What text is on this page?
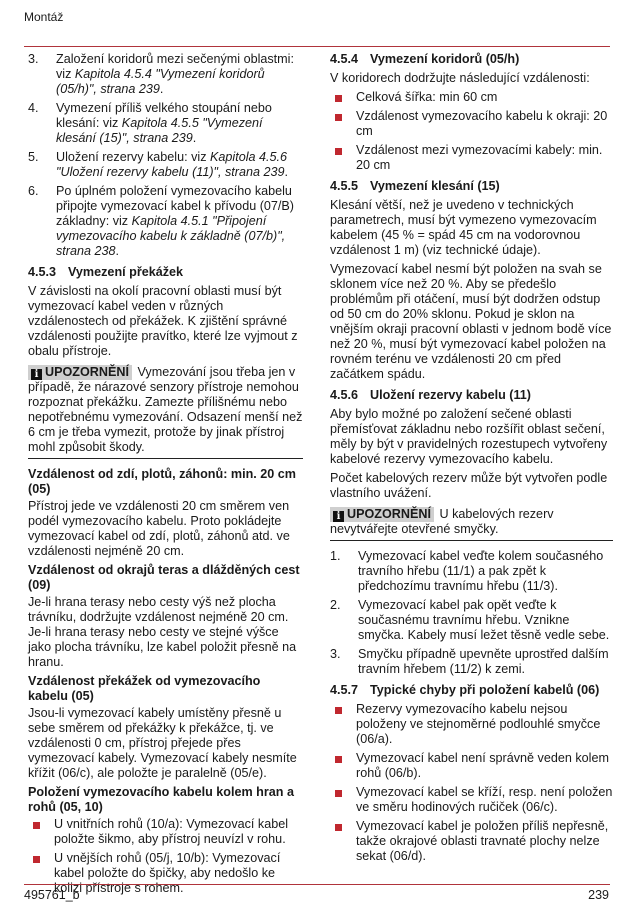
Montáž
3. Založení koridorů mezi sečenými oblastmi: viz Kapitola 4.5.4 "Vymezení koridorů (05/h)", strana 239.
4. Vymezení příliš velkého stoupání nebo klesání: viz Kapitola 4.5.5 "Vymezení klesání (15)", strana 239.
5. Uložení rezervy kabelu: viz Kapitola 4.5.6 "Uložení rezervy kabelu (11)", strana 239.
6. Po úplném položení vymezovacího kabelu připojte vymezovací kabel k přívodu (07/B) základny: viz Kapitola 4.5.1 "Připojení vymezovacího kabelu k základně (07/b)", strana 238.
4.5.3 Vymezení překážek

V závislosti na okolí pracovní oblasti musí být vymezovací kabel veden v různých vzdálenostech od překážek. K zjištění správné vzdálenosti použijte pravítko, které lze vyjmout z obalu přístroje.

i UPOZORNĚNÍ Vymezování jsou třeba jen v případě, že nárazové senzory přístroje nemohou rozpoznat překážku. Zamezte přílišnému nebo nepotřebnému vymezování. Odsazení menší než 6 cm je třeba vymezit, protože by jinak přístroj mohl způsobit škody.
Vzdálenost od zdí, plotů, záhonů: min. 20 cm (05)

Přístroj jede ve vzdálenosti 20 cm směrem ven podél vymezovacího kabelu. Proto pokládejte vymezovací kabel od zdí, plotů, záhonů atd. ve vzdálenosti nejméně 20 cm.

Vzdálenost od okrajů teras a dlážděných cest (09)

Je-li hrana terasy nebo cesty výš než plocha trávníku, dodržujte vzdálenost nejméně 20 cm. Je-li hrana terasy nebo cesty ve stejné výšce jako plocha trávníku, lze kabel položit přesně na hranu.

Vzdálenost překážek od vymezovacího kabelu (05)

Jsou-li vymezovací kabely umístěny přesně u sebe směrem od překážky k překážce, tj. ve vzdálenosti 0 cm, přístroj přejede přes vymezovací kabely. Vymezovací kabely nesmíte křížit (06/c), ale položte je paralelně (05/e).

Položení vymezovacího kabelu kolem hran a rohů (05, 10)
U vnitřních rohů (10/a): Vymezovací kabel položte šikmo, aby přístroj neuvízl v rohu.
U vnějších rohů (05/j, 10/b): Vymezovací kabel položte do špičky, aby nedošlo ke kolizi přístroje s rohem.
4.5.4 Vymezení koridorů (05/h)

V koridorech dodržujte následující vzdálenosti:

Celková šířka: min 60 cm
Vzdálenost vymezovacího kabelu k okraji: 20 cm
Vzdálenost mezi vymezovacími kabely: min. 20 cm
4.5.5 Vymezení klesání (15)

Klesání větší, než je uvedeno v technických parametrech, musí být vymezeno vymezovacím kabelem (45 % = spád 45 cm na vodorovnou vzdálenost 1 m) (viz technické údaje).

Vymezovací kabel nesmí být položen na svah se sklonem více než 20 %. Aby se předešlo problémům při otáčení, musí být dodržen odstup od 50 cm do 20% sklonu. Pokud je sklon na vnějším okraji pracovní oblasti v jednom bodě více než 20 %, musí být vymezovací kabel položen na rovném terénu ve vzdálenosti 20 cm před začátkem spádu.

4.5.6 Uložení rezervy kabelu (11)

Aby bylo možné po založení sečené oblasti přemísťovat základnu nebo rozšířit oblast sečení, měly by být v pravidelných rozestupech vytvořeny kabelové rezervy vymezovacího kabelu.

Počet kabelových rezerv může být vytvořen podle vlastního uvážení.

i UPOZORNĚNÍ U kabelových rezerv nevytvářejte otevřené smyčky.
1. Vymezovací kabel veďte kolem současného travního hřebu (11/1) a pak zpět k předchozímu travnímu hřebu (11/3).
2. Vymezovací kabel pak opět veďte k současnému travnímu hřebu. Vznikne smyčka. Kabely musí ležet těsně vedle sebe.
3. Smyčku případně upevněte uprostřed dalším travním hřebem (11/2) k zemi.
4.5.7 Typické chyby při položení kabelů (06)
Rezervy vymezovacího kabelu nejsou položeny ve stejnoměrné podlouhlé smyčce (06/a).
Vymezovací kabel není správně veden kolem rohů (06/b).
Vymezovací kabel se kříží, resp. není položen ve směru hodinových ručiček (06/c).
Vymezovací kabel je položen příliš nepřesně, takže okrajové oblasti travnaté plochy nelze sekat (06/d).
495761_b	239
